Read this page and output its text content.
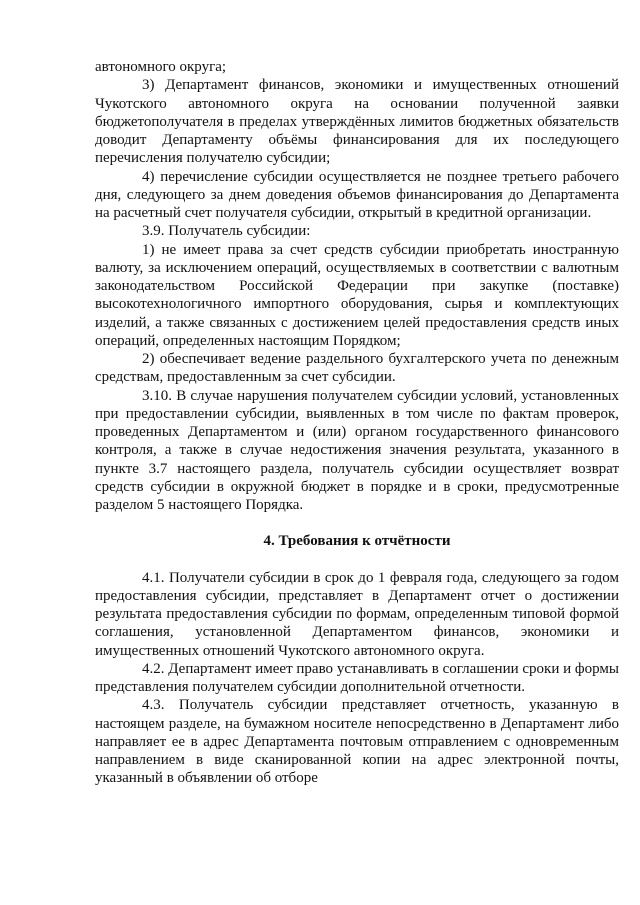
автономного округа;

3) Департамент финансов, экономики и имущественных отношений Чукотского автономного округа на основании полученной заявки бюджетополучателя в пределах утверждённых лимитов бюджетных обязательств доводит Департаменту объёмы финансирования для их последующего перечисления получателю субсидии;

4) перечисление субсидии осуществляется не позднее третьего рабочего дня, следующего за днем доведения объемов финансирования до Департамента на расчетный счет получателя субсидии, открытый в кредитной организации.

3.9. Получатель субсидии:

1) не имеет права за счет средств субсидии приобретать иностранную валюту, за исключением операций, осуществляемых в соответствии с валютным законодательством Российской Федерации при закупке (поставке) высокотехнологичного импортного оборудования, сырья и комплектующих изделий, а также связанных с достижением целей предоставления средств иных операций, определенных настоящим Порядком;

2) обеспечивает ведение раздельного бухгалтерского учета по денежным средствам, предоставленным за счет субсидии.

3.10. В случае нарушения получателем субсидии условий, установленных при предоставлении субсидии, выявленных в том числе по фактам проверок, проведенных Департаментом и (или) органом государственного финансового контроля, а также в случае недостижения значения результата, указанного в пункте 3.7 настоящего раздела, получатель субсидии осуществляет возврат средств субсидии в окружной бюджет в порядке и в сроки, предусмотренные разделом 5 настоящего Порядка.

4. Требования к отчётности

4.1. Получатели субсидии в срок до 1 февраля года, следующего за годом предоставления субсидии, представляет в Департамент отчет о достижении результата предоставления субсидии по формам, определенным типовой формой соглашения, установленной Департаментом финансов, экономики и имущественных отношений Чукотского автономного округа.

4.2. Департамент имеет право устанавливать в соглашении сроки и формы представления получателем субсидии дополнительной отчетности.

4.3. Получатель субсидии представляет отчетность, указанную в настоящем разделе, на бумажном носителе непосредственно в Департамент либо направляет ее в адрес Департамента почтовым отправлением с одновременным направлением в виде сканированной копии на адрес электронной почты, указанный в объявлении об отборе
